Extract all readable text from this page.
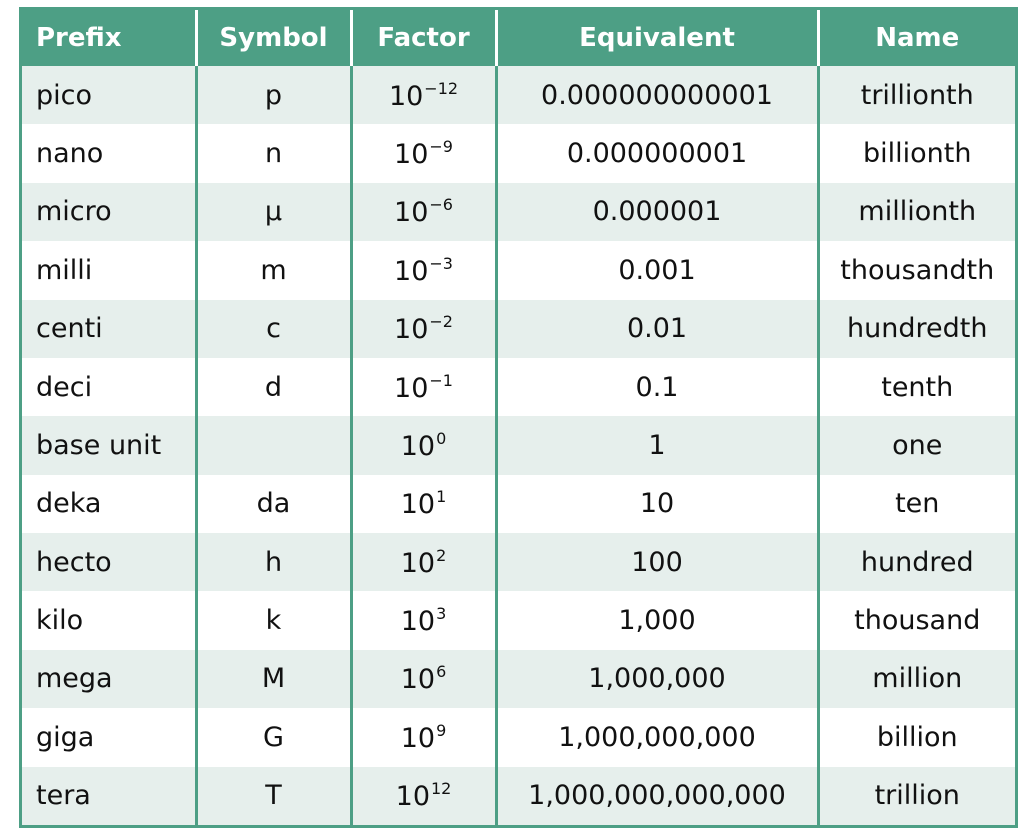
Prefix	Symbol	Factor	Equivalent	Name
pico	p	$10^{-12}$	0.000000000001	trillionth
nano	n	$10^{-9}$	0.000000001	billionth
micro	μ	$10^{-6}$	0.000001	millionth
milli	m	$10^{-3}$	0.001	thousandth
centi	c	$10^{-2}$	0.01	hundredth
deci	d	$10^{-1}$	0.1	tenth
base unit		$10^0$	1	one
deka	da	$10^1$	10	ten
hecto	h	$10^2$	100	hundred
kilo	k	$10^3$	1,000	thousand
mega	M	$10^6$	1,000,000	million
giga	G	$10^9$	1,000,000,000	billion
tera	T	$10^{12}$	1,000,000,000,000	trillion
